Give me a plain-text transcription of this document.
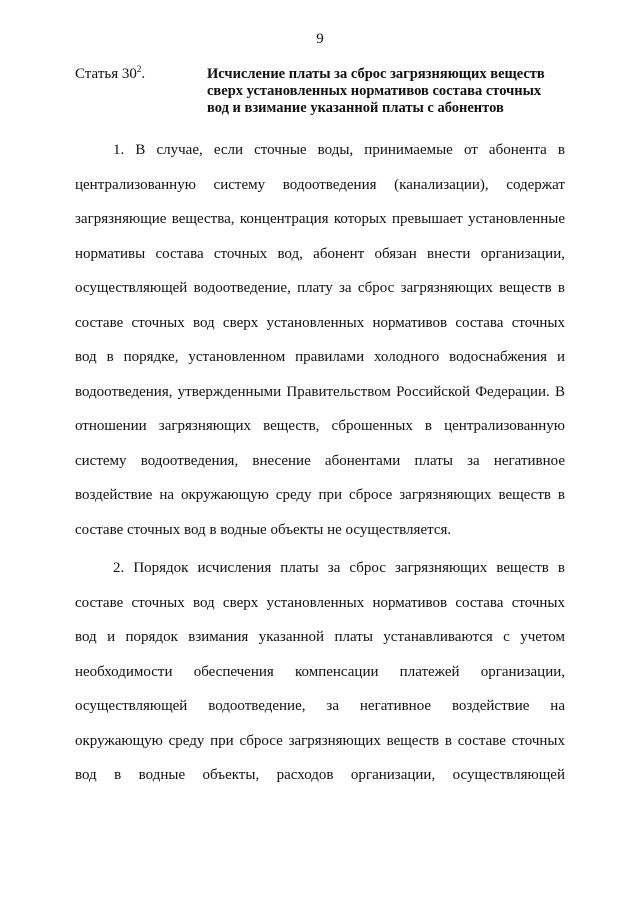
9
Статья $30^2$.	Исчисление платы за сброс загрязняющих веществ
сверх установленных нормативов состава сточных
вод и взимание указанной платы с абонентов
1. В случае, если сточные воды, принимаемые от абонента в
централизованную систему водоотведения (канализации), содержат
загрязняющие вещества, концентрация которых превышает установленные
нормативы состава сточных вод, абонент обязан внести организации,
осуществляющей водоотведение, плату за сброс загрязняющих веществ в
составе сточных вод сверх установленных нормативов состава сточных
вод в порядке, установленном правилами холодного водоснабжения и
водоотведения, утвержденными Правительством Российской Федерации. В
отношении загрязняющих веществ, сброшенных в централизованную
систему водоотведения, внесение абонентами платы за негативное
воздействие на окружающую среду при сбросе загрязняющих веществ в
составе сточных вод в водные объекты не осуществляется.
2. Порядок исчисления платы за сброс загрязняющих веществ в
составе сточных вод сверх установленных нормативов состава сточных
вод и порядок взимания указанной платы устанавливаются с учетом
необходимости обеспечения компенсации платежей организации,
осуществляющей водоотведение, за негативное воздействие на
окружающую среду при сбросе загрязняющих веществ в составе сточных
вод в водные объекты, расходов организации, осуществляющей
